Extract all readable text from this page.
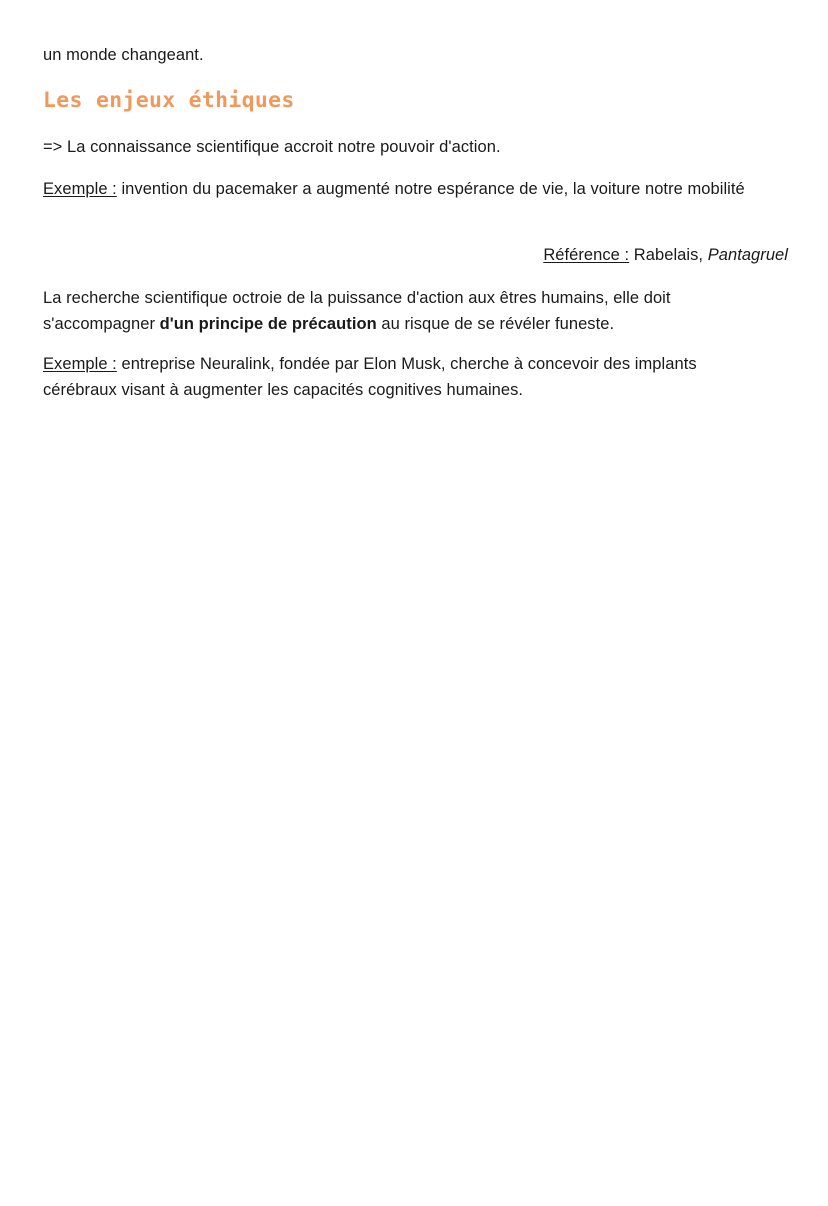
un monde changeant.

Les enjeux éthiques

=> La connaissance scientifique accroit notre pouvoir d'action.

Exemple : invention du pacemaker a augmenté notre espérance de vie, la voiture notre mobilité

Référence : Rabelais, Pantagruel

La recherche scientifique octroie de la puissance d'action aux êtres humains, elle doit s'accompagner d'un principe de précaution au risque de se révéler funeste.

Exemple : entreprise Neuralink, fondée par Elon Musk, cherche à concevoir des implants cérébraux visant à augmenter les capacités cognitives humaines.
